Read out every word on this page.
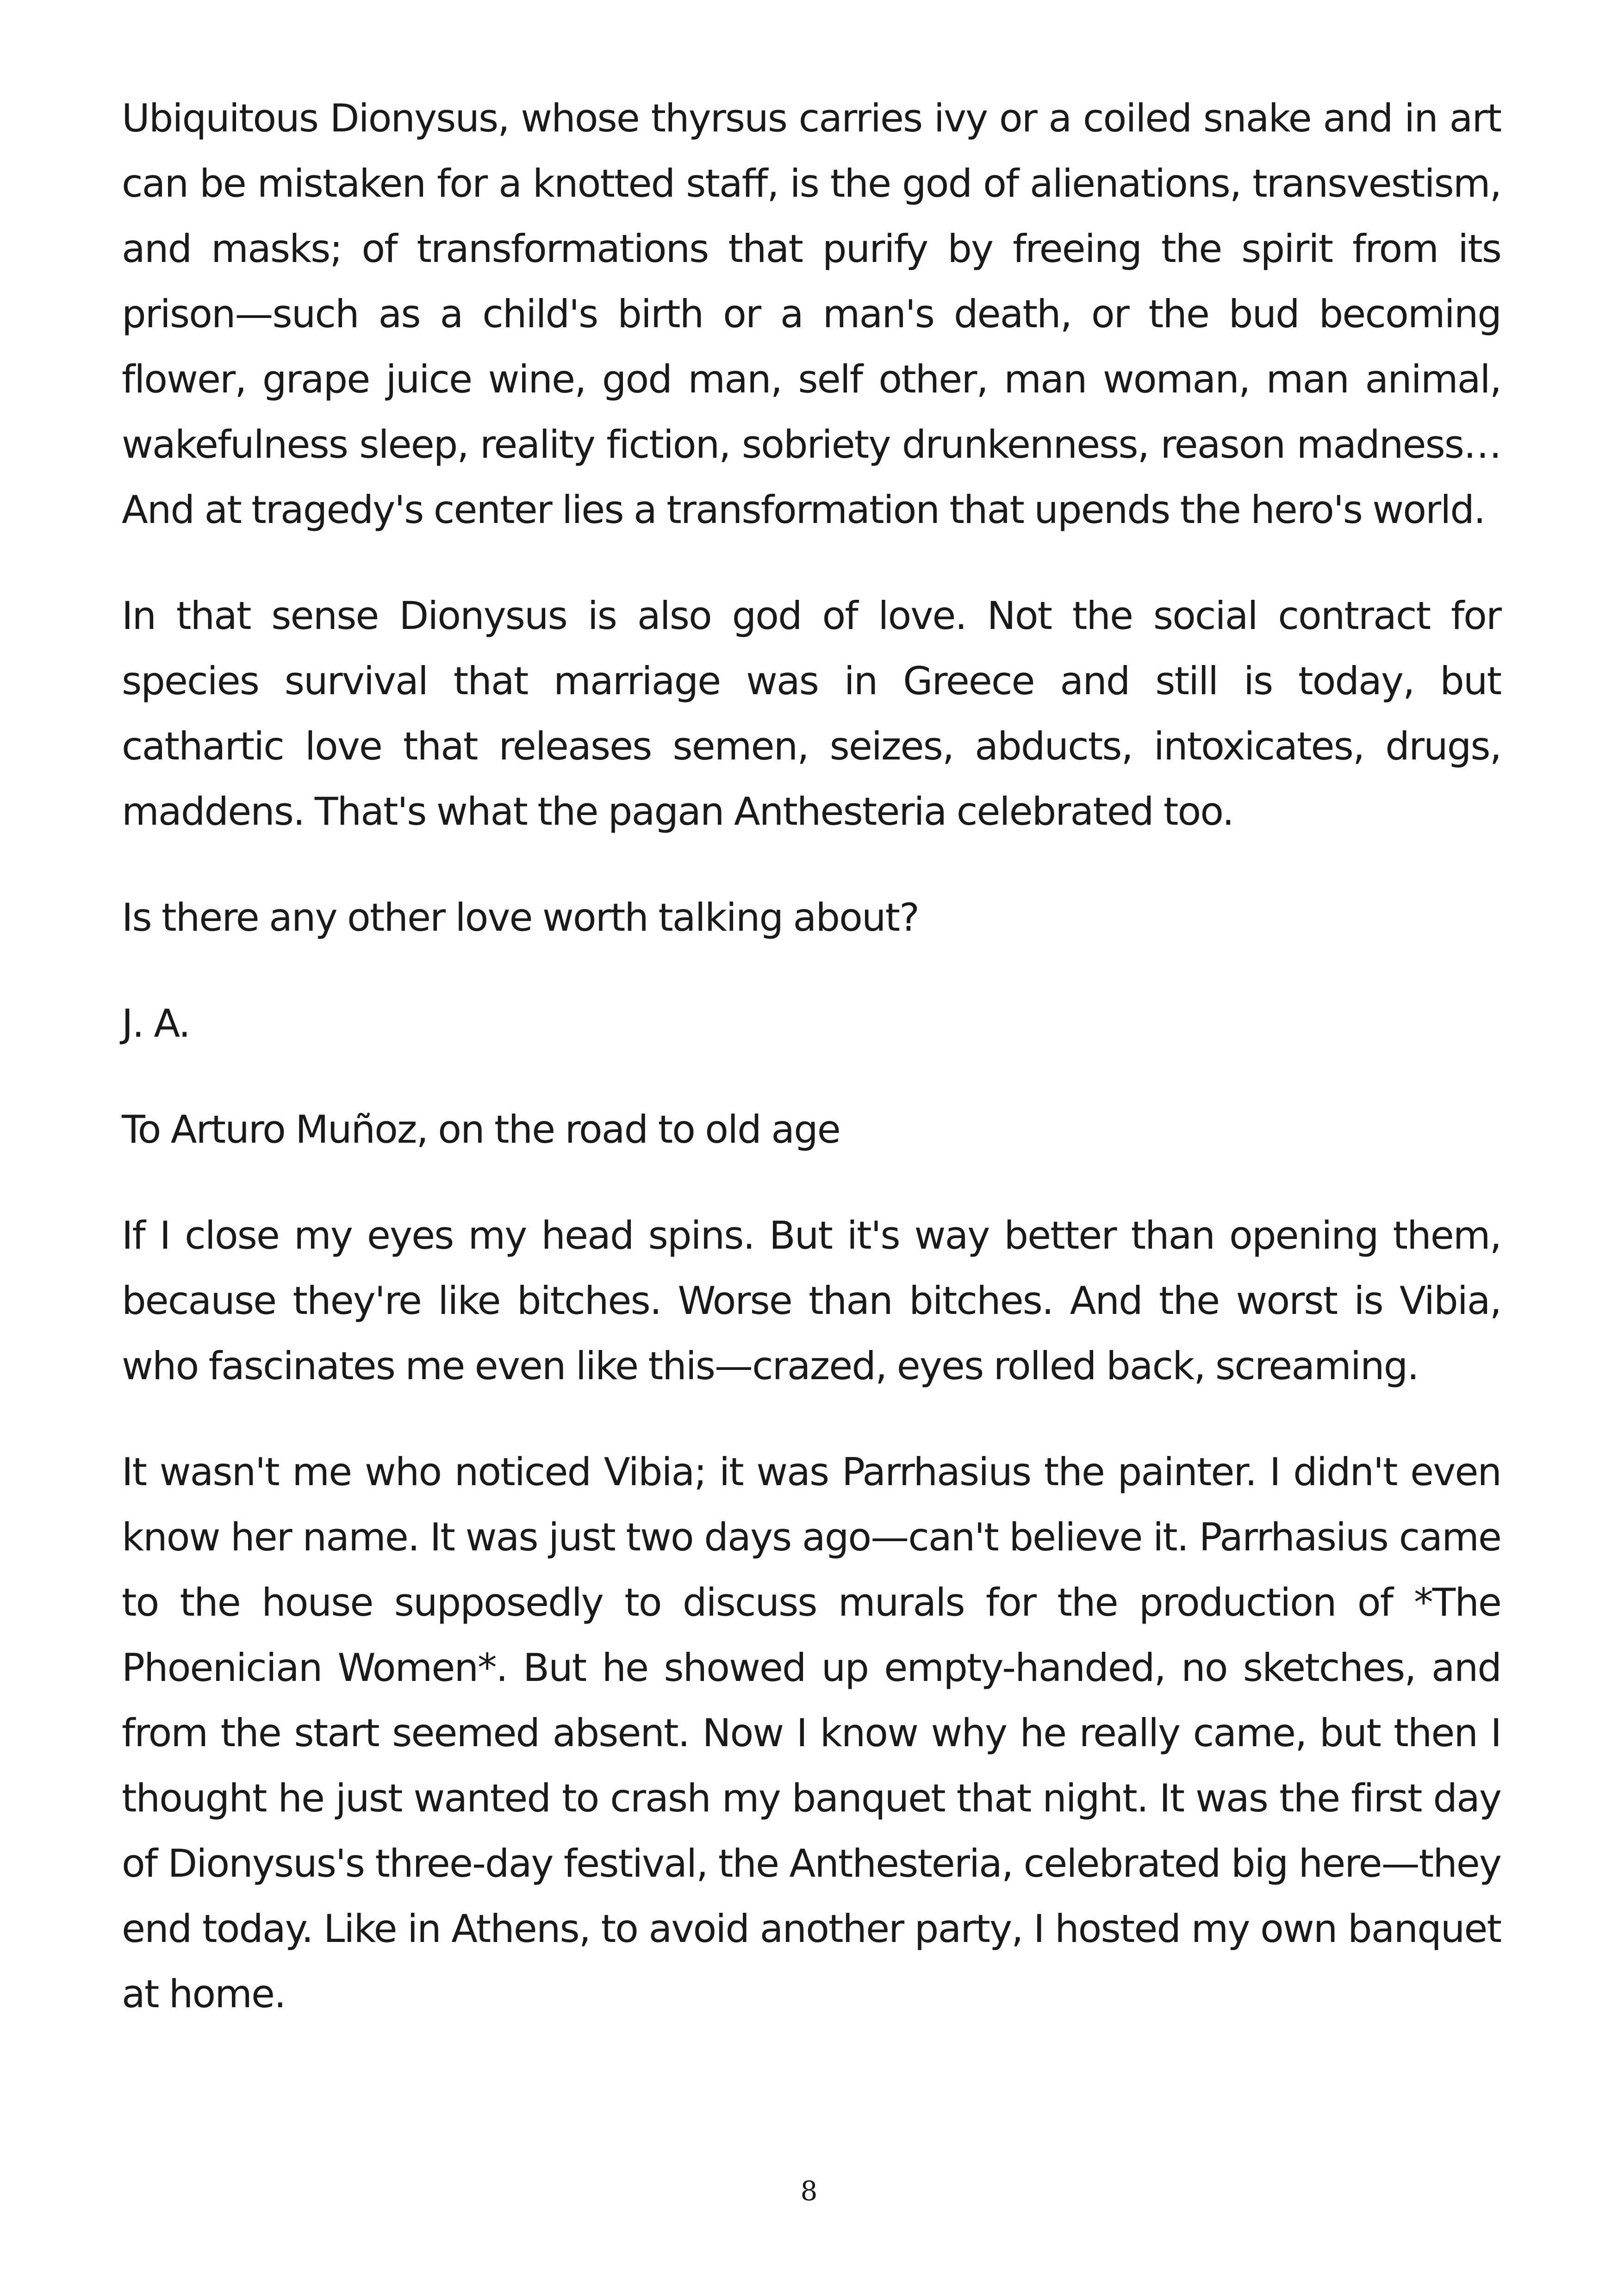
Ubiquitous Dionysus, whose thyrsus carries ivy or a coiled snake and in art can be mistaken for a knotted staff, is the god of alienations, transvestism, and masks; of transformations that purify by freeing the spirit from its prison—such as a child's birth or a man's death, or the bud becoming flower, grape juice wine, god man, self other, man woman, man animal, wakefulness sleep, reality fiction, sobriety drunkenness, reason madness… And at tragedy's center lies a transformation that upends the hero's world.

In that sense Dionysus is also god of love. Not the social contract for species survival that marriage was in Greece and still is today, but cathartic love that releases semen, seizes, abducts, intoxicates, drugs, maddens. That's what the pagan Anthesteria celebrated too.

Is there any other love worth talking about?

J. A.

To Arturo Muñoz, on the road to old age

If I close my eyes my head spins. But it's way better than opening them, because they're like bitches. Worse than bitches. And the worst is Vibia, who fascinates me even like this—crazed, eyes rolled back, screaming.

It wasn't me who noticed Vibia; it was Parrhasius the painter. I didn't even know her name. It was just two days ago—can't believe it. Parrhasius came to the house supposedly to discuss murals for the production of *The Phoenician Women*. But he showed up empty-handed, no sketches, and from the start seemed absent. Now I know why he really came, but then I thought he just wanted to crash my banquet that night. It was the first day of Dionysus's three-day festival, the Anthesteria, celebrated big here—they end today. Like in Athens, to avoid another party, I hosted my own banquet at home.

8
